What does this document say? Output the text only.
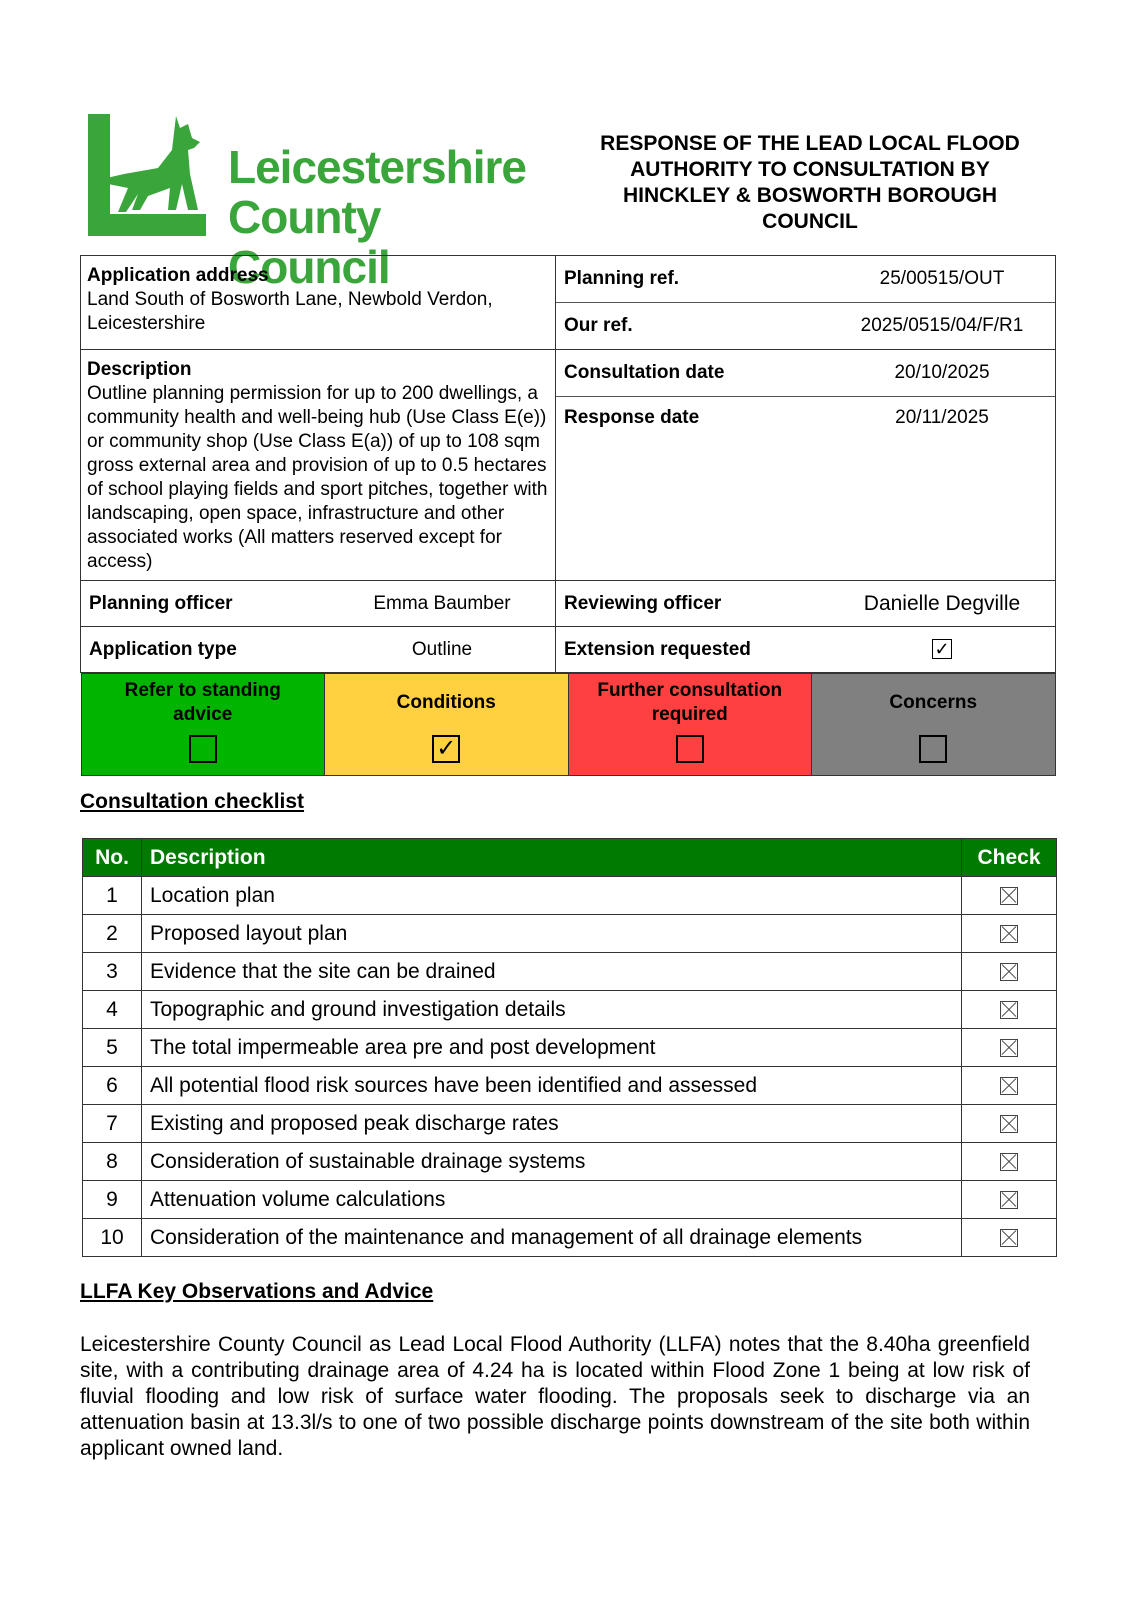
Leicestershire
County Council
RESPONSE OF THE LEAD LOCAL FLOOD AUTHORITY TO CONSULTATION BY HINCKLEY & BOSWORTH BOROUGH COUNCIL
Application address
Land South of Bosworth Lane, Newbold Verdon, Leicestershire

Planning ref.	25/00515/OUT
Our ref.	2025/0515/04/F/R1

Description
Outline planning permission for up to 200 dwellings, a community health and well-being hub (Use Class E(e)) or community shop (Use Class E(a)) of up to 108 sqm gross external area and provision of up to 0.5 hectares of school playing fields and sport pitches, together with landscaping, open space, infrastructure and other associated works (All matters reserved except for access)

Consultation date	20/10/2025
Response date	20/11/2025

Planning officer Emma Baumber	Reviewing officer Danielle Degville

Application type Outline	Extension requested ✓

Refer to standing advice
Conditions
✓
Further consultation required
Concerns	
Consultation checklist
No.	Description	Check
1	Location plan	
2	Proposed layout plan	
3	Evidence that the site can be drained	
4	Topographic and ground investigation details	
5	The total impermeable area pre and post development	
6	All potential flood risk sources have been identified and assessed	
7	Existing and proposed peak discharge rates	
8	Consideration of sustainable drainage systems	
9	Attenuation volume calculations	
10	Consideration of the maintenance and management of all drainage elements	
LLFA Key Observations and Advice

Leicestershire County Council as Lead Local Flood Authority (LLFA) notes that the 8.40ha greenfield site, with a contributing drainage area of 4.24 ha is located within Flood Zone 1 being at low risk of fluvial flooding and low risk of surface water flooding. The proposals seek to discharge via an attenuation basin at 13.3l/s to one of two possible discharge points downstream of the site both within applicant owned land.
